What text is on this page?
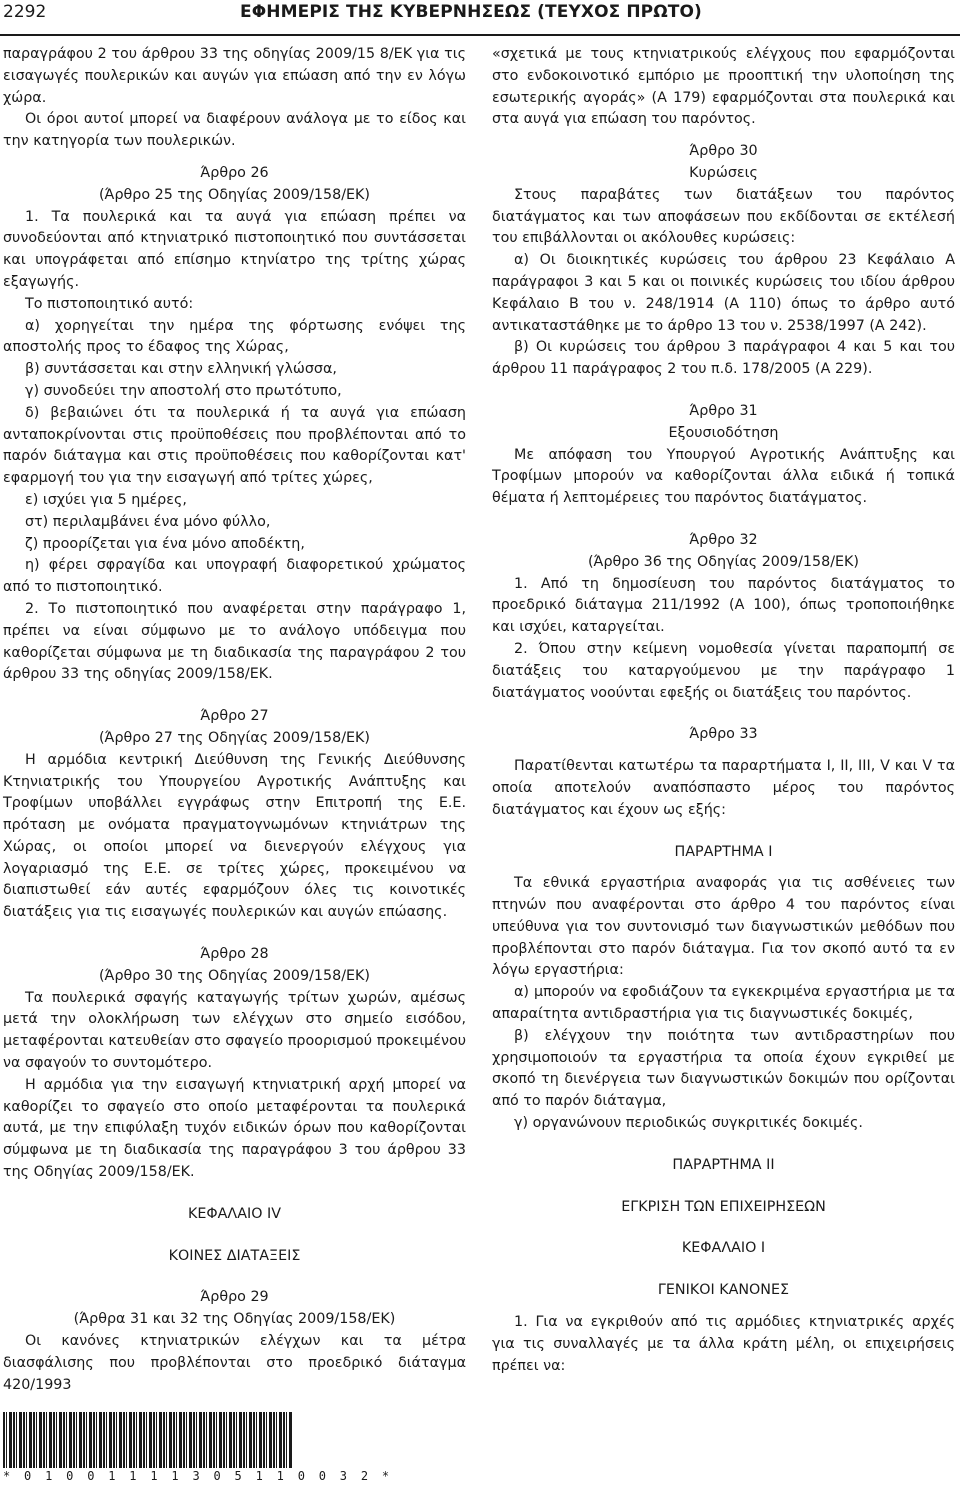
2292	ΕΦΗΜΕΡΙΣ ΤΗΣ ΚΥΒΕΡΝΗΣΕΩΣ (ΤΕΥΧΟΣ ΠΡΩΤΟ)

παραγράφου 2 του άρθρου 33 της οδηγίας 2009/15 8/ΕΚ για τις εισαγωγές πουλερικών και αυγών για επώαση από την εν λόγω χώρα.

Οι όροι αυτοί μπορεί να διαφέρουν ανάλογα με το είδος και την κατηγορία των πουλερικών.

Άρθρο 26

(Άρθρο 25 της Οδηγίας 2009/158/ΕΚ)

1. Τα πουλερικά και τα αυγά για επώαση πρέπει να συνοδεύονται από κτηνιατρικό πιστοποιητικό που συντάσσεται και υπογράφεται από επίσημο κτηνίατρο της τρίτης χώρας εξαγωγής.

Το πιστοποιητικό αυτό:

α) χορηγείται την ημέρα της φόρτωσης ενόψει της αποστολής προς το έδαφος της Χώρας,

β) συντάσσεται και στην ελληνική γλώσσα,

γ) συνοδεύει την αποστολή στο πρωτότυπο,

δ) βεβαιώνει ότι τα πουλερικά ή τα αυγά για επώαση ανταποκρίνονται στις προϋποθέσεις που προβλέπονται από το παρόν διάταγμα και στις προϋποθέσεις που καθορίζονται κατ' εφαρμογή του για την εισαγωγή από τρίτες χώρες,

ε) ισχύει για 5 ημέρες,

στ) περιλαμβάνει ένα μόνο φύλλο,

ζ) προορίζεται για ένα μόνο αποδέκτη,

η) φέρει σφραγίδα και υπογραφή διαφορετικού χρώματος από το πιστοποιητικό.

2. Το πιστοποιητικό που αναφέρεται στην παράγραφο 1, πρέπει να είναι σύμφωνο με το ανάλογο υπόδειγμα που καθορίζεται σύμφωνα με τη διαδικασία της παραγράφου 2 του άρθρου 33 της οδηγίας 2009/158/ΕΚ.

Άρθρο 27

(Άρθρο 27 της Οδηγίας 2009/158/ΕΚ)

Η αρμόδια κεντρική Διεύθυνση της Γενικής Διεύθυνσης Κτηνιατρικής του Υπουργείου Αγροτικής Ανάπτυξης και Τροφίμων υποβάλλει εγγράφως στην Επιτροπή της Ε.Ε. πρόταση με ονόματα πραγματογνωμόνων κτηνιάτρων της Χώρας, οι οποίοι μπορεί να διενεργούν ελέγχους για λογαριασμό της Ε.Ε. σε τρίτες χώρες, προκειμένου να διαπιστωθεί εάν αυτές εφαρμόζουν όλες τις κοινοτικές διατάξεις για τις εισαγωγές πουλερικών και αυγών επώασης.

Άρθρο 28

(Άρθρο 30 της Οδηγίας 2009/158/ΕΚ)

Τα πουλερικά σφαγής καταγωγής τρίτων χωρών, αμέσως μετά την ολοκλήρωση των ελέγχων στο σημείο εισόδου, μεταφέρονται κατευθείαν στο σφαγείο προορισμού προκειμένου να σφαγούν το συντομότερο.

Η αρμόδια για την εισαγωγή κτηνιατρική αρχή μπορεί να καθορίζει το σφαγείο στο οποίο μεταφέρονται τα πουλερικά αυτά, με την επιφύλαξη τυχόν ειδικών όρων που καθορίζονται σύμφωνα με τη διαδικασία της παραγράφου 3 του άρθρου 33 της Οδηγίας 2009/158/ΕΚ.

ΚΕΦΑΛΑΙΟ IV

ΚΟΙΝΕΣ ΔΙΑΤΑΞΕΙΣ

Άρθρο 29

(Άρθρα 31 και 32 της Οδηγίας 2009/158/ΕΚ)

Οι κανόνες κτηνιατρικών ελέγχων και τα μέτρα διασφάλισης που προβλέπονται στο προεδρικό διάταγμα 420/1993

«σχετικά με τους κτηνιατρικούς ελέγχους που εφαρμόζονται στο ενδοκοινοτικό εμπόριο με προοπτική την υλοποίηση της εσωτερικής αγοράς» (Α 179) εφαρμόζονται στα πουλερικά και στα αυγά για επώαση του παρόντος.

Άρθρο 30

Κυρώσεις

Στους παραβάτες των διατάξεων του παρόντος διατάγματος και των αποφάσεων που εκδίδονται σε εκτέλεσή του επιβάλλονται οι ακόλουθες κυρώσεις:

α) Οι διοικητικές κυρώσεις του άρθρου 23 Κεφάλαιο Α παράγραφοι 3 και 5 και οι ποινικές κυρώσεις του ιδίου άρθρου Κεφάλαιο Β του ν. 248/1914 (Α 110) όπως το άρθρο αυτό αντικαταστάθηκε με το άρθρο 13 του ν. 2538/1997 (Α 242).

β) Οι κυρώσεις του άρθρου 3 παράγραφοι 4 και 5 και του άρθρου 11 παράγραφος 2 του π.δ. 178/2005 (Α 229).

Άρθρο 31

Εξουσιοδότηση

Με απόφαση του Υπουργού Αγροτικής Ανάπτυξης και Τροφίμων μπορούν να καθορίζονται άλλα ειδικά ή τοπικά θέματα ή λεπτομέρειες του παρόντος διατάγματος.

Άρθρο 32

(Άρθρο 36 της Οδηγίας 2009/158/ΕΚ)

1. Από τη δημοσίευση του παρόντος διατάγματος το προεδρικό διάταγμα 211/1992 (Α 100), όπως τροποποιήθηκε και ισχύει, καταργείται.

2. Όπου στην κείμενη νομοθεσία γίνεται παραπομπή σε διατάξεις του καταργούμενου με την παράγραφο 1 διατάγματος νοούνται εφεξής οι διατάξεις του παρόντος.

Άρθρο 33

Παρατίθενται κατωτέρω τα παραρτήματα I, II, III, V και V τα οποία αποτελούν αναπόσπαστο μέρος του παρόντος διατάγματος και έχουν ως εξής:

ΠΑΡΑΡΤΗΜΑ I

Τα εθνικά εργαστήρια αναφοράς για τις ασθένειες των πτηνών που αναφέρονται στο άρθρο 4 του παρόντος είναι υπεύθυνα για τον συντονισμό των διαγνωστικών μεθόδων που προβλέπονται στο παρόν διάταγμα. Για τον σκοπό αυτό τα εν λόγω εργαστήρια:

α) μπορούν να εφοδιάζουν τα εγκεκριμένα εργαστήρια με τα απαραίτητα αντιδραστήρια για τις διαγνωστικές δοκιμές,

β) ελέγχουν την ποιότητα των αντιδραστηρίων που χρησιμοποιούν τα εργαστήρια τα οποία έχουν εγκριθεί με σκοπό τη διενέργεια των διαγνωστικών δοκιμών που ορίζονται από το παρόν διάταγμα,

γ) οργανώνουν περιοδικώς συγκριτικές δοκιμές.

ΠΑΡΑΡΤΗΜΑ II

ΕΓΚΡΙΣΗ ΤΩΝ ΕΠΙΧΕΙΡΗΣΕΩΝ

ΚΕΦΑΛΑΙΟ I

ΓΕΝΙΚΟΙ ΚΑΝΟΝΕΣ

1. Για να εγκριθούν από τις αρμόδιες κτηνιατρικές αρχές για τις συναλλαγές με τα άλλα κράτη μέλη, οι επιχειρήσεις πρέπει να:

* 0 1 0 0 1 1 1 1 3 0 5 1 1 0 0 3 2 *
